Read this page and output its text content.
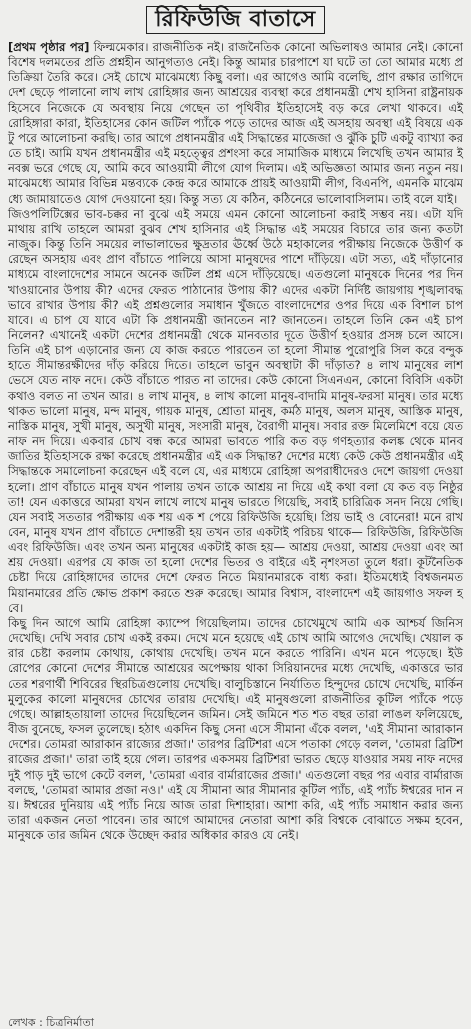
রিফিউজি বাতাসে

[প্রথম পৃষ্ঠার পর] ফিল্মমেকার। রাজনীতিক নই। রাজনৈতিক কোনো অভিলাষও আমার নেই। কোনো বিশেষ দলমতের প্রতি প্রশ্নহীন আনুগত্যও নেই। কিন্তু আমার চারপাশে যা ঘটে তা তো আমার মধ্যে প্রতিক্রিয়া তৈরি করে। সেই চোখে মাঝেমধ্যে কিছু বলা। এর আগেও আমি বলেছি, প্রাণ রক্ষার তাগিদে দেশ ছেড়ে পালানো লাখ লাখ রোহিঙ্গার জন্য আশ্রয়ের ব্যবস্থা করে প্রধানমন্ত্রী শেখ হাসিনা রাষ্ট্রনায়ক হিসেবে নিজেকে যে অবস্থায় নিয়ে গেছেন তা পৃথিবীর ইতিহাসেই বড় করে লেখা থাকবে। এই রোহিঙ্গারা কারা, ইতিহাসের কোন জটিল প্যাঁকে পড়ে তাদের আজ এই অসহায় অবস্থা এই বিষয়ে একটু পরে আলোচনা করছি। তার আগে প্রধানমন্ত্রীর এই সিদ্ধান্তের মাজেজা ও ঝুঁকি চুটি একটু ব্যাখ্যা করতে চাই। আমি যখন প্রধানমন্ত্রীর এই মহত্ত্বের প্রশংসা করে সামাজিক মাধ্যমে লিখেছি তখন আমার ইনবক্স ভরে গেছে যে, আমি কবে আওয়ামী লীগে যোগ দিলাম। এই অভিজ্ঞতা আমার জন্য নতুন নয়। মাঝেমধ্যে আমার বিভিন্ন মন্তব্যকে কেন্দ্র করে আমাকে প্রায়ই আওয়ামী লীগ, বিএনপি, এমনকি মাঝেমধ্যে জামায়াতেও যোগ দেওয়ানো হয়। কিন্তু সত্য যে কঠিন, কঠিনেরে ভালোবাসিলাম। তাই বলে যাই।

জিওপলিটিক্সের ভাব-চক্কর না বুঝে এই সময়ে এমন কোনো আলোচনা করাই সম্ভব নয়। এটা যদি মাথায় রাখি তাহলে আমরা বুঝব শেখ হাসিনার এই সিদ্ধান্ত এই সময়ের বিচারে তার জন্য কতটা নাজুক। কিন্তু তিনি সময়ের লাভালাভের ক্ষুদ্রতার ঊর্ধ্বে উঠে মহাকালের পরীক্ষায় নিজেকে উত্তীর্ণ করেছেন অসহায় এবং প্রাণ বাঁচাতে পালিয়ে আসা মানুষদের পাশে দাঁড়িয়ে। এটা সত্য, এই দাঁড়ানোর মাধ্যমে বাংলাদেশের সামনে অনেক জটিল প্রশ্ন এসে দাঁড়িয়েছে। এতগুলো মানুষকে দিনের পর দিন খাওয়ানোর উপায় কী? এদের ফেরত পাঠানোর উপায় কী? এদের একটা নির্দিষ্ট জায়গায় শৃঙ্খলাবদ্ধভাবে রাখার উপায় কী? এই প্রশ্নগুলোর সমাধান খুঁজতে বাংলাদেশের ওপর দিয়ে এক বিশাল চাপ যাবে। এ চাপ যে যাবে এটা কি প্রধানমন্ত্রী জানতেন না? জানতেন। তাহলে তিনি কেন এই চাপ নিলেন? এখানেই একটা দেশের প্রধানমন্ত্রী থেকে মানবতার দূতে উত্তীর্ণ হওয়ার প্রসঙ্গ চলে আসে। তিনি এই চাপ এড়ানোর জন্য যে কাজ করতে পারতেন তা হলো সীমান্ত পুরোপুরি সিল করে বন্দুক হাতে সীমান্তরক্ষীদের দাঁড় করিয়ে দিতে। তাহলে ভাবুন অবস্থাটা কী দাঁড়াত? ৪ লাখ মানুষের লাশ ভেসে যেত নাফ নদে। কেউ বাঁচাতে পারত না তাদের। কেউ কোনো সিএনএন, কোনো বিবিসি একটা কথাও বলত না তখন আর। ৪ লাখ মানুষ, ৪ লাখ কালো মানুষ-বাদামি মানুষ-ফরসা মানুষ। তার মধ্যে থাকত ভালো মানুষ, মন্দ মানুষ, গায়ক মানুষ, শ্রোতা মানুষ, কর্মঠ মানুষ, অলস মানুষ, আস্তিক মানুষ, নাস্তিক মানুষ, সুখী মানুষ, অসুখী মানুষ, সংসারী মানুষ, বৈরাগী মানুষ। সবার রক্ত মিলেমিশে বয়ে যেত নাফ নদ দিয়ে। একবার চোখ বন্ধ করে আমরা ভাবতে পারি কত বড় গণহত্যার কলঙ্ক থেকে মানবজাতির ইতিহাসকে রক্ষা করেছে প্রধানমন্ত্রীর এই এক সিদ্ধান্ত? দেশের মধ্যে কেউ কেউ প্রধানমন্ত্রীর এই সিদ্ধান্তকে সমালোচনা করেছেন এই বলে যে, এর মাধ্যমে রোহিঙ্গা অপরাধীদেরও দেশে জায়গা দেওয়া হলো। প্রাণ বাঁচাতে মানুষ যখন পালায় তখন তাকে আশ্রয় না দিয়ে এই কথা বলা যে কত বড় নিষ্ঠুরতা! যেন একাত্তরে আমরা যখন লাখে লাখে মানুষ ভারতে গিয়েছি, সবাই চারিত্রিক সনদ নিয়ে গেছি। যেন সবাই সততার পরীক্ষায় এক শয় এক শ পেয়ে রিফিউজি হয়েছি। প্রিয় ভাই ও বোনেরা! মনে রাখবেন, মানুষ যখন প্রাণ বাঁচাতে দেশান্তরী হয় তখন তার একটাই পরিচয় থাকে— রিফিউজি, রিফিউজি এবং রিফিউজি। এবং তখন অন্য মানুষের একটাই কাজ হয়— আশ্রয় দেওয়া, আশ্রয় দেওয়া এবং আশ্রয় দেওয়া। এরপর যে কাজ তা হলো দেশের ভিতর ও বাইরে এই নৃশংসতা তুলে ধরা। কূটনৈতিক চেষ্টা দিয়ে রোহিঙ্গাদের তাদের দেশে ফেরত নিতে মিয়ানমারকে বাধ্য করা। ইতিমধ্যেই বিশ্বজনমত মিয়ানমারের প্রতি ক্ষোভ প্রকাশ করতে শুরু করেছে। আমার বিশ্বাস, বাংলাদেশ এই জায়গাও সফল হবে।

কিছু দিন আগে আমি রোহিঙ্গা ক্যাম্পে গিয়েছিলাম। তাদের চোখেমুখে আমি এক আশ্চর্য জিনিস দেখেছি। দেখি সবার চোখ একই রকম। দেখে মনে হয়েছে এই চোখ আমি আগেও দেখেছি। খেয়াল করার চেষ্টা করলাম কোথায়, কোথায় দেখেছি। তখন মনে করতে পারিনি। এখন মনে পড়েছে। ইউরোপের কোনো দেশের সীমান্তে আশ্রয়ের অপেক্ষায় থাকা সিরিয়ানদের মধ্যে দেখেছি, একাত্তরে ভারতের শরণার্থী শিবিরের স্থিরচিত্রগুলোয় দেখেছি। বালুচিস্তানে নির্যাতিত হিন্দুদের চোখে দেখেছি, মার্কিন মুলুকের কালো মানুষদের চোখের তারায় দেখেছি। এই মানুষগুলো রাজনীতির কূটিল প্যাঁকে পড়ে গেছে। আল্লাহতায়ালা তাদের দিয়েছিলেন জমিন। সেই জমিনে শত শত বছর তারা লাঙল ফলিয়েছে, বীজ বুনেছে, ফসল তুলেছে। হঠাৎ একদিন কিছু সেনা এসে সীমানা এঁকে বলল, 'এই সীমানা আরাকান দেশের। তোমরা আরাকান রাজ্যের প্রজা।' তারপর ব্রিটিশরা এসে পতাকা গেড়ে বলল, 'তোমরা ব্রিটিশরাজের প্রজা।' তারা তাই হয়ে গেল। তারপর একসময় ব্রিটিশরা ভারত ছেড়ে যাওয়ার সময় নাফ নদের দুই পাড় দুই ভাগে কেটে বলল, 'তোমরা এবার বার্মারাজের প্রজা।' এতগুলো বছর পর এবার বার্মারাজ বলছে, 'তোমরা আমার প্রজা নও।' এই যে সীমানা আর সীমানার কূটিল প্যাঁচ, এই প্যাঁচ ঈশ্বরের দান নয়। ঈশ্বরের দুনিয়ায় এই প্যাঁচ নিয়ে আজ তারা দিশাহারা। আশা করি, এই প্যাঁচ সমাধান করার জন্য তারা একজন নেতা পাবেন। তার আগে আমাদের নেতারা আশা করি বিশ্বকে বোঝাতে সক্ষম হবেন, মানুষকে তার জমিন থেকে উচ্ছেদ করার অধিকার কারও যে নেই।

লেখক : চিত্রনির্মাতা
